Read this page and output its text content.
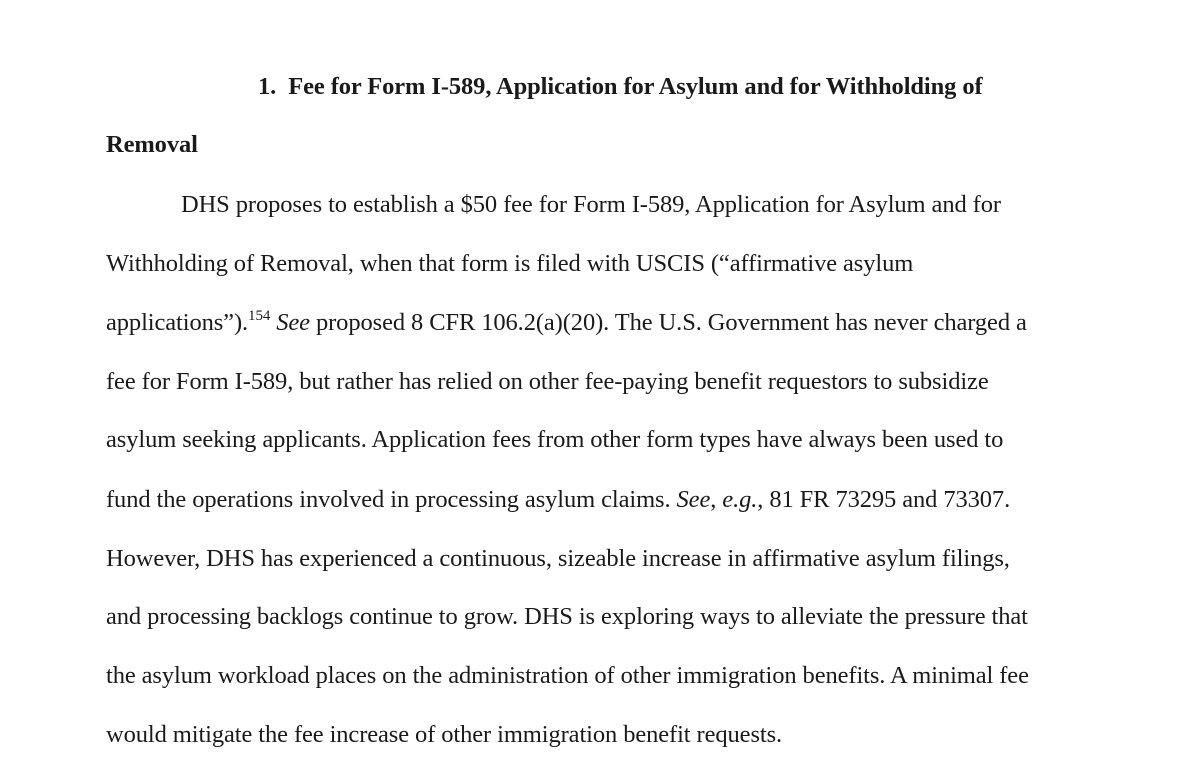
1. Fee for Form I-589, Application for Asylum and for Withholding of
Removal
DHS proposes to establish a $50 fee for Form I-589, Application for Asylum and for
Withholding of Removal, when that form is filed with USCIS (“affirmative asylum
applications”).$^{154}$ See proposed 8 CFR 106.2(a)(20). The U.S. Government has never charged a
fee for Form I-589, but rather has relied on other fee-paying benefit requestors to subsidize
asylum seeking applicants. Application fees from other form types have always been used to
fund the operations involved in processing asylum claims. See, e.g., 81 FR 73295 and 73307.
However, DHS has experienced a continuous, sizeable increase in affirmative asylum filings,
and processing backlogs continue to grow. DHS is exploring ways to alleviate the pressure that
the asylum workload places on the administration of other immigration benefits. A minimal fee
would mitigate the fee increase of other immigration benefit requests.
